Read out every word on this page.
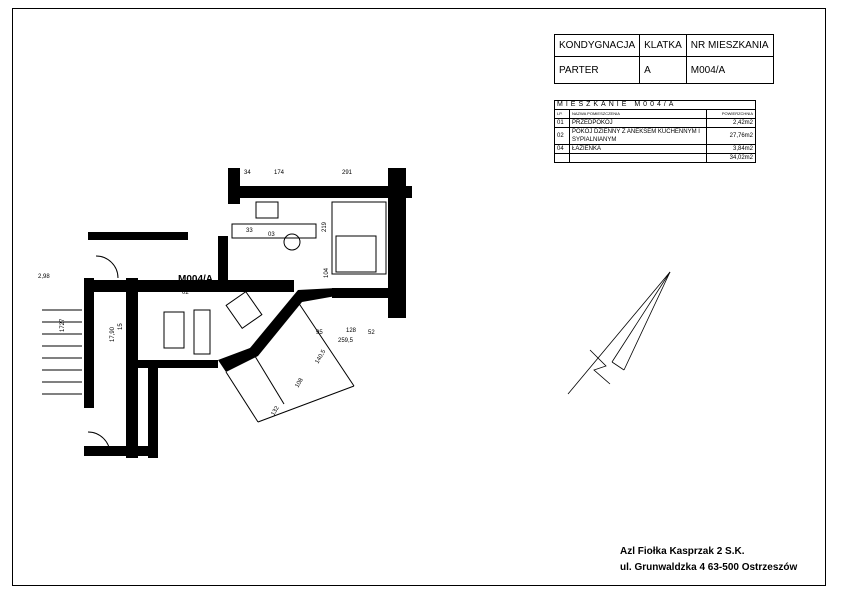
KONDYGNACJA	KLATKA	NR MIESZKANIA
PARTER	A	M004/A
MIESZKANIE M004/A		
LP.	NAZWA POMIESZCZENIA	POWIERZCHNIA
01	PRZEDPOKÓJ	2,42m2
02	POKÓJ DZIENNY Z ANEKSEM KUCHENNYM I SYPIALNIANYM	27,76m2
04	ŁAZIENKA	3,84m2
		34,02m2
M004/A
01
02
03
34	174	291
219
104
33
2,98
95	128
259,5
52
140,5
108
132
1727
17,90
15
Azl Fiołka Kasprzak 2 S.K.
ul. Grunwaldzka 4 63-500 Ostrzeszów
